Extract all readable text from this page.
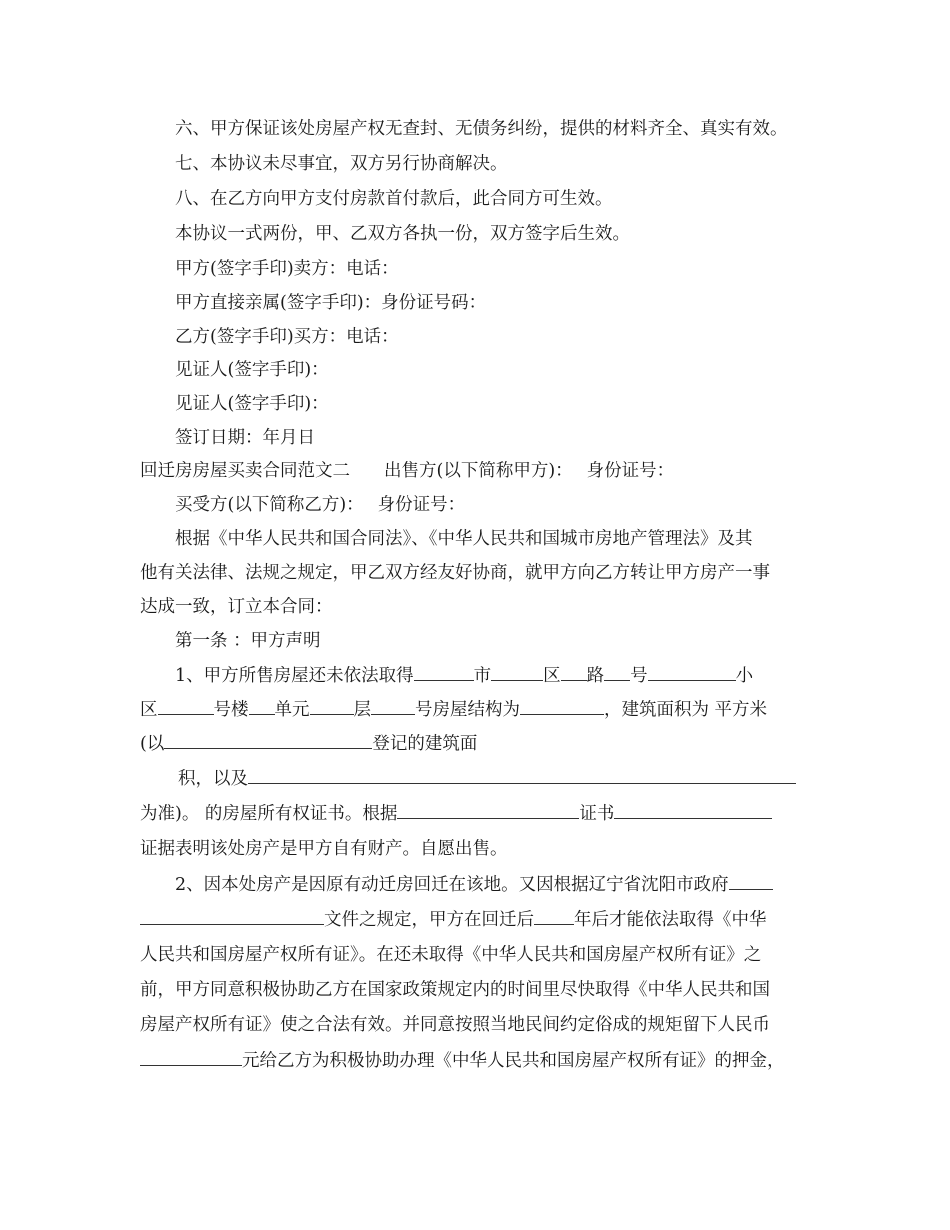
六、甲方保证该处房屋产权无查封、无债务纠纷，提供的材料齐全、真实有效。
七、本协议未尽事宜，双方另行协商解决。
八、在乙方向甲方支付房款首付款后，此合同方可生效。
本协议一式两份，甲、乙双方各执一份，双方签字后生效。
甲方(签字手印)卖方：电话：
甲方直接亲属(签字手印)：身份证号码：
乙方(签字手印)买方：电话：
见证人(签字手印)：
见证人(签字手印)：
签订日期：年月日
回迁房房屋买卖合同范文二 出售方(以下简称甲方)： 身份证号：
买受方(以下简称乙方)： 身份证号：
根据《中华人民共和国合同法》、《中华人民共和国城市房地产管理法》及其
他有关法律、法规之规定，甲乙双方经友好协商，就甲方向乙方转让甲方房产一事
达成一致，订立本合同：
第一条 ：甲方声明
1、甲方所售房屋还未依法取得	市	区 路 号	小
区	号楼 单元	层	号房屋结构为	，建筑面积为 平方米
(以	登记的建筑面
积，以及
为准)。 的房屋所有权证书。根据	证书
证据表明该处房产是甲方自有财产。自愿出售。
2、因本处房产是因原有动迁房回迁在该地。又因根据辽宁省沈阳市政府
文件之规定，甲方在回迁后 年后才能依法取得《中华
人民共和国房屋产权所有证》。在还未取得《中华人民共和国房屋产权所有证》之
前，甲方同意积极协助乙方在国家政策规定内的时间里尽快取得《中华人民共和国
房屋产权所有证》使之合法有效。并同意按照当地民间约定俗成的规矩留下人民币
元给乙方为积极协助办理《中华人民共和国房屋产权所有证》的押金，
